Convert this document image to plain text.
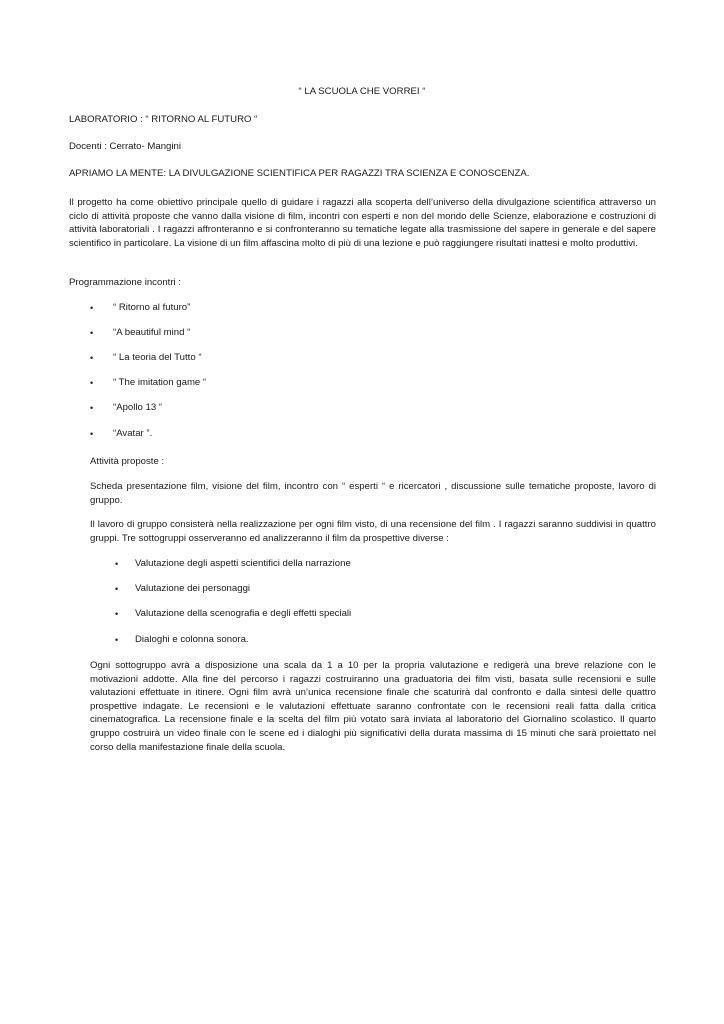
“ LA SCUOLA CHE VORREI “
LABORATORIO : “ RITORNO AL FUTURO “
Docenti : Cerrato- Mangini
APRIAMO LA MENTE: LA DIVULGAZIONE SCIENTIFICA PER RAGAZZI TRA SCIENZA E CONOSCENZA.
Il progetto ha come obiettivo principale quello di guidare i ragazzi alla scoperta dell’universo della divulgazione scientifica attraverso un ciclo di attività proposte che vanno dalla visione di film, incontri con esperti e non del mondo delle Scienze, elaborazione e costruzioni di attività laboratoriali . I ragazzi affronteranno e si confronteranno su tematiche legate alla trasmissione del sapere in generale e del sapere scientifico in particolare. La visione di un film affascina molto di più di una lezione e può raggiungere risultati inattesi e molto produttivi.
Programmazione incontri :
• “ Ritorno al futuro”
• “A beautiful mind “
• “ La teoria del Tutto “
• “ The imitation game “
• “Apollo 13 “
• “Avatar ”.
Attività proposte :
Scheda presentazione film, visione del film, incontro con “ esperti “ e ricercatori , discussione sulle tematiche proposte, lavoro di gruppo.
Il lavoro di gruppo consisterà nella realizzazione per ogni film visto, di una recensione del film . I ragazzi saranno suddivisi in quattro gruppi. Tre sottogruppi osserveranno ed analizzeranno il film da prospettive diverse :
• Valutazione degli aspetti scientifici della narrazione
• Valutazione dei personaggi
• Valutazione della scenografia e degli effetti speciali
• Dialoghi e colonna sonora.
Ogni sottogruppo avrà a disposizione una scala da 1 a 10 per la propria valutazione e redigerà una breve relazione con le motivazioni addotte. Alla fine del percorso i ragazzi costruiranno una graduatoria dei film visti, basata sulle recensioni e sulle valutazioni effettuate in itinere. Ogni film avrà un’unica recensione finale che scaturirà dal confronto e dalla sintesi delle quattro prospettive indagate. Le recensioni e le valutazioni effettuate saranno confrontate con le recensioni reali fatta dalla critica cinematografica. La recensione finale e la scelta del film più votato sarà inviata al laboratorio del Giornalino scolastico. Il quarto gruppo costruirà un video finale con le scene ed i dialoghi più significativi della durata massima di 15 minuti che sarà proiettato nel corso della manifestazione finale della scuola.
